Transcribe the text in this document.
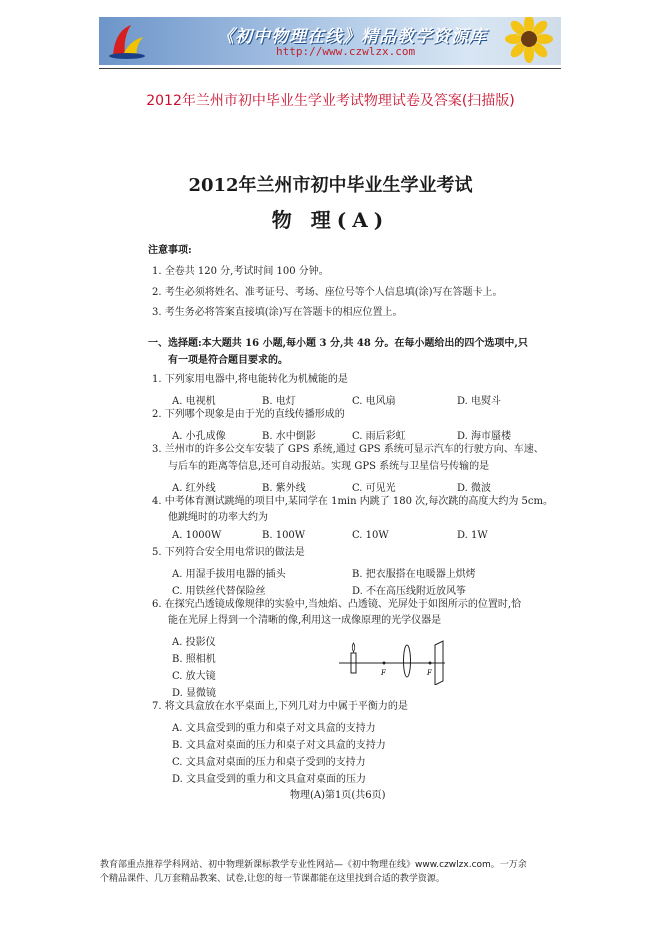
《初中物理在线》精品教学资源库
http://www.czwlzx.com
2012年兰州市初中毕业生学业考试物理试卷及答案(扫描版)
2012年兰州市初中毕业生学业考试
物 理(A)
注意事项:
1. 全卷共 120 分,考试时间 100 分钟。
2. 考生必须将姓名、准考证号、考场、座位号等个人信息填(涂)写在答题卡上。
3. 考生务必将答案直接填(涂)写在答题卡的相应位置上。
一、选择题:本大题共 16 小题,每小题 3 分,共 48 分。在每小题给出的四个选项中,只
有一项是符合题目要求的。
1. 下列家用电器中,将电能转化为机械能的是
A. 电视机	B. 电灯	C. 电风扇	D. 电熨斗
2. 下列哪个现象是由于光的直线传播形成的
A. 小孔成像	B. 水中倒影	C. 雨后彩虹	D. 海市蜃楼
3. 兰州市的许多公交车安装了 GPS 系统,通过 GPS 系统可显示汽车的行驶方向、车速、
与后车的距离等信息,还可自动报站。实现 GPS 系统与卫星信号传输的是
A. 红外线	B. 紫外线	C. 可见光	D. 微波
4. 中考体育测试跳绳的项目中,某同学在 1min 内跳了 180 次,每次跳的高度大约为 5cm。
他跳绳时的功率大约为
A. 1000W	B. 100W	C. 10W	D. 1W
5. 下列符合安全用电常识的做法是
A. 用湿手拔用电器的插头	B. 把衣服搭在电暖器上烘烤
C. 用铁丝代替保险丝	D. 不在高压线附近放风筝
6. 在探究凸透镜成像规律的实验中,当烛焰、凸透镜、光屏处于如图所示的位置时,恰
能在光屏上得到一个清晰的像,利用这一成像原理的光学仪器是
A. 投影仪
B. 照相机
C. 放大镜
D. 显微镜
F	F
7. 将文具盒放在水平桌面上,下列几对力中属于平衡力的是
A. 文具盒受到的重力和桌子对文具盒的支持力
B. 文具盒对桌面的压力和桌子对文具盒的支持力
C. 文具盒对桌面的压力和桌子受到的支持力
D. 文具盒受到的重力和文具盒对桌面的压力
物理(A)第1页(共6页)
教育部重点推荐学科网站、初中物理新课标教学专业性网站—《初中物理在线》www.czwlzx.com。一万余
个精品课件、几万套精品教案、试卷,让您的每一节课都能在这里找到合适的教学资源。
